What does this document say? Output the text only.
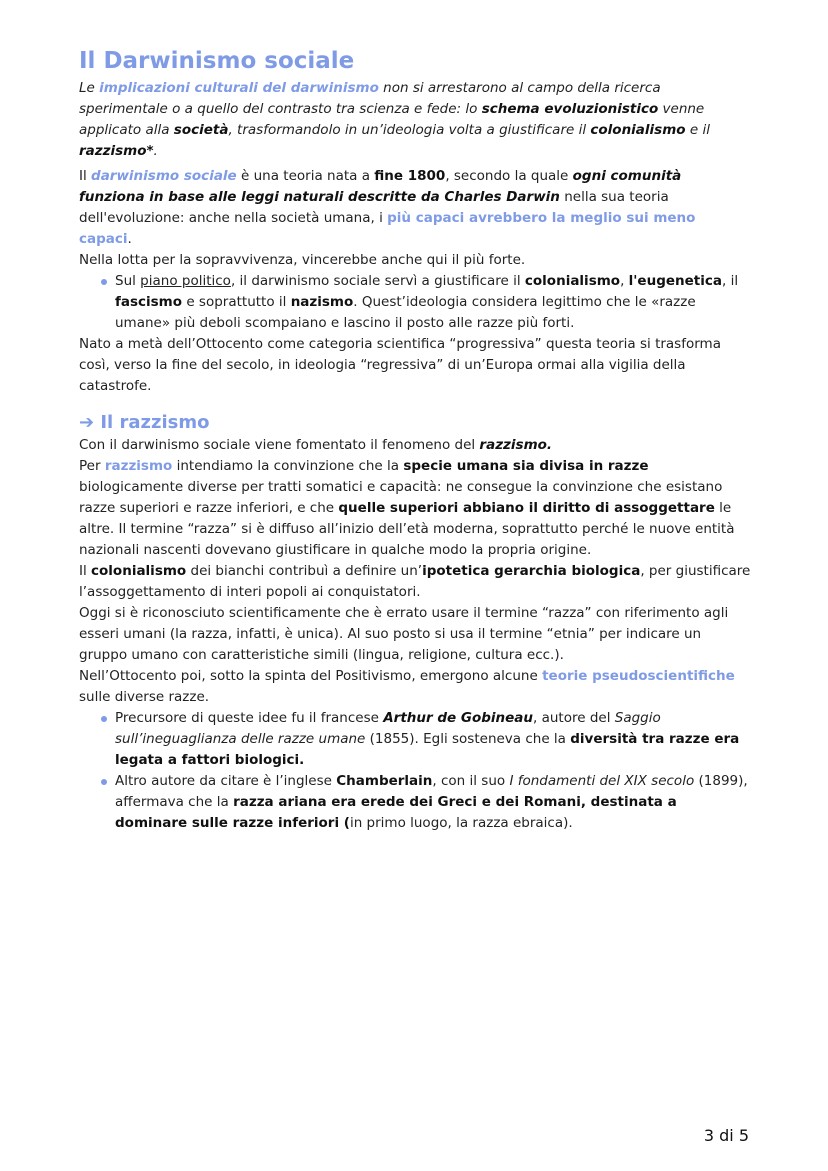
Il Darwinismo sociale

Le implicazioni culturali del darwinismo non si arrestarono al campo della ricerca sperimentale o a quello del contrasto tra scienza e fede: lo schema evoluzionistico venne applicato alla società, trasformandolo in un’ideologia volta a giustificare il colonialismo e il razzismo*.

Il darwinismo sociale è una teoria nata a fine 1800, secondo la quale ogni comunità funziona in base alle leggi naturali descritte da Charles Darwin nella sua teoria dell'evoluzione: anche nella società umana, i più capaci avrebbero la meglio sui meno capaci.

Nella lotta per la sopravvivenza, vincerebbe anche qui il più forte.

Sul piano politico, il darwinismo sociale servì a giustificare il colonialismo, l'eugenetica, il fascismo e soprattutto il nazismo. Quest’ideologia considera legittimo che le «razze umane» più deboli scompaiano e lascino il posto alle razze più forti.

Nato a metà dell’Ottocento come categoria scientifica “progressiva” questa teoria si trasforma così, verso la fine del secolo, in ideologia “regressiva” di un’Europa ormai alla vigilia della catastrofe.

➔ Il razzismo

Con il darwinismo sociale viene fomentato il fenomeno del razzismo.

Per razzismo intendiamo la convinzione che la specie umana sia divisa in razze biologicamente diverse per tratti somatici e capacità: ne consegue la convinzione che esistano razze superiori e razze inferiori, e che quelle superiori abbiano il diritto di assoggettare le altre. Il termine “razza” si è diffuso all’inizio dell’età moderna, soprattutto perché le nuove entità nazionali nascenti dovevano giustificare in qualche modo la propria origine.

Il colonialismo dei bianchi contribuì a definire un’ipotetica gerarchia biologica, per giustificare l’assoggettamento di interi popoli ai conquistatori.

Oggi si è riconosciuto scientificamente che è errato usare il termine “razza” con riferimento agli esseri umani (la razza, infatti, è unica). Al suo posto si usa il termine “etnia” per indicare un gruppo umano con caratteristiche simili (lingua, religione, cultura ecc.).

Nell’Ottocento poi, sotto la spinta del Positivismo, emergono alcune teorie pseudoscientifiche sulle diverse razze.

Precursore di queste idee fu il francese Arthur de Gobineau, autore del Saggio sull’ineguaglianza delle razze umane (1855). Egli sosteneva che la diversità tra razze era legata a fattori biologici.
Altro autore da citare è l’inglese Chamberlain, con il suo I fondamenti del XIX secolo (1899), affermava che la razza ariana era erede dei Greci e dei Romani, destinata a dominare sulle razze inferiori (in primo luogo, la razza ebraica).
3 di 5
